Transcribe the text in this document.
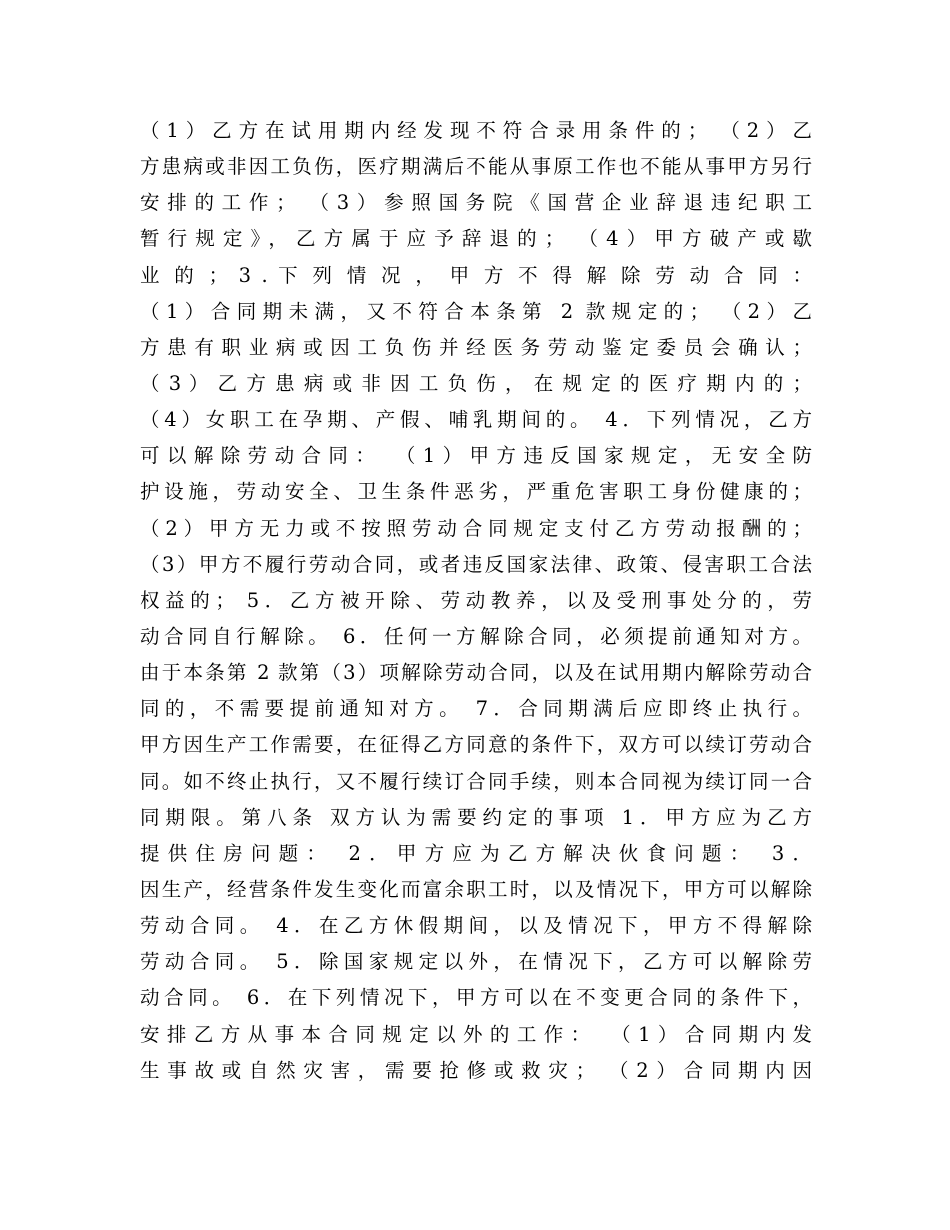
（1）乙方在试用期内经发现不符合录用条件的； （2）乙
方患病或非因工负伤，医疗期满后不能从事原工作也不能从事甲方另行
安排的工作； （3）参照国务院《国营企业辞退违纪职工
暂行规定》，乙方属于应予辞退的； （4）甲方破产或歇
业 的 ； 3 . 下 列 情 况 ， 甲 方 不 得 解 除 劳 动 合 同 ：
（1）合同期未满，又不符合本条第 2 款规定的； （2）乙
方 患 有 职 业 病 或 因 工 负 伤 并 经 医 务 劳 动 鉴 定 委 员 会 确 认 ；
（ 3 ） 乙 方 患 病 或 非 因 工 负 伤 ， 在 规 定 的 医 疗 期 内 的 ；
（4）女职工在孕期、产假、哺乳期间的。 4．下列情况，乙方
可以解除劳动合同： （1）甲方违反国家规定，无安全防
护设施，劳动安全、卫生条件恶劣，严重危害职工身份健康的；
（2）甲方无力或不按照劳动合同规定支付乙方劳动报酬的；
（3）甲方不履行劳动合同，或者违反国家法律、政策、侵害职工合法
权益的； 5．乙方被开除、劳动教养，以及受刑事处分的，劳
动合同自行解除。 6．任何一方解除合同，必须提前通知对方。
由于本条第 2 款第（3）项解除劳动合同，以及在试用期内解除劳动合
同的，不需要提前通知对方。 7．合同期满后应即终止执行。
甲方因生产工作需要，在征得乙方同意的条件下，双方可以续订劳动合
同。如不终止执行，又不履行续订合同手续，则本合同视为续订同一合
同期限。第八条 双方认为需要约定的事项 1．甲方应为乙方
提供住房问题： 2．甲方应为乙方解决伙食问题： 3．
因生产，经营条件发生变化而富余职工时，以及情况下，甲方可以解除
劳动合同。 4．在乙方休假期间，以及情况下，甲方不得解除
劳动合同。 5．除国家规定以外，在情况下，乙方可以解除劳
动合同。 6．在下列情况下，甲方可以在不变更合同的条件下，
安排乙方从事本合同规定以外的工作： （1）合同期内发
生事故或自然灾害，需要抢修或救灾； （2）合同期内因
